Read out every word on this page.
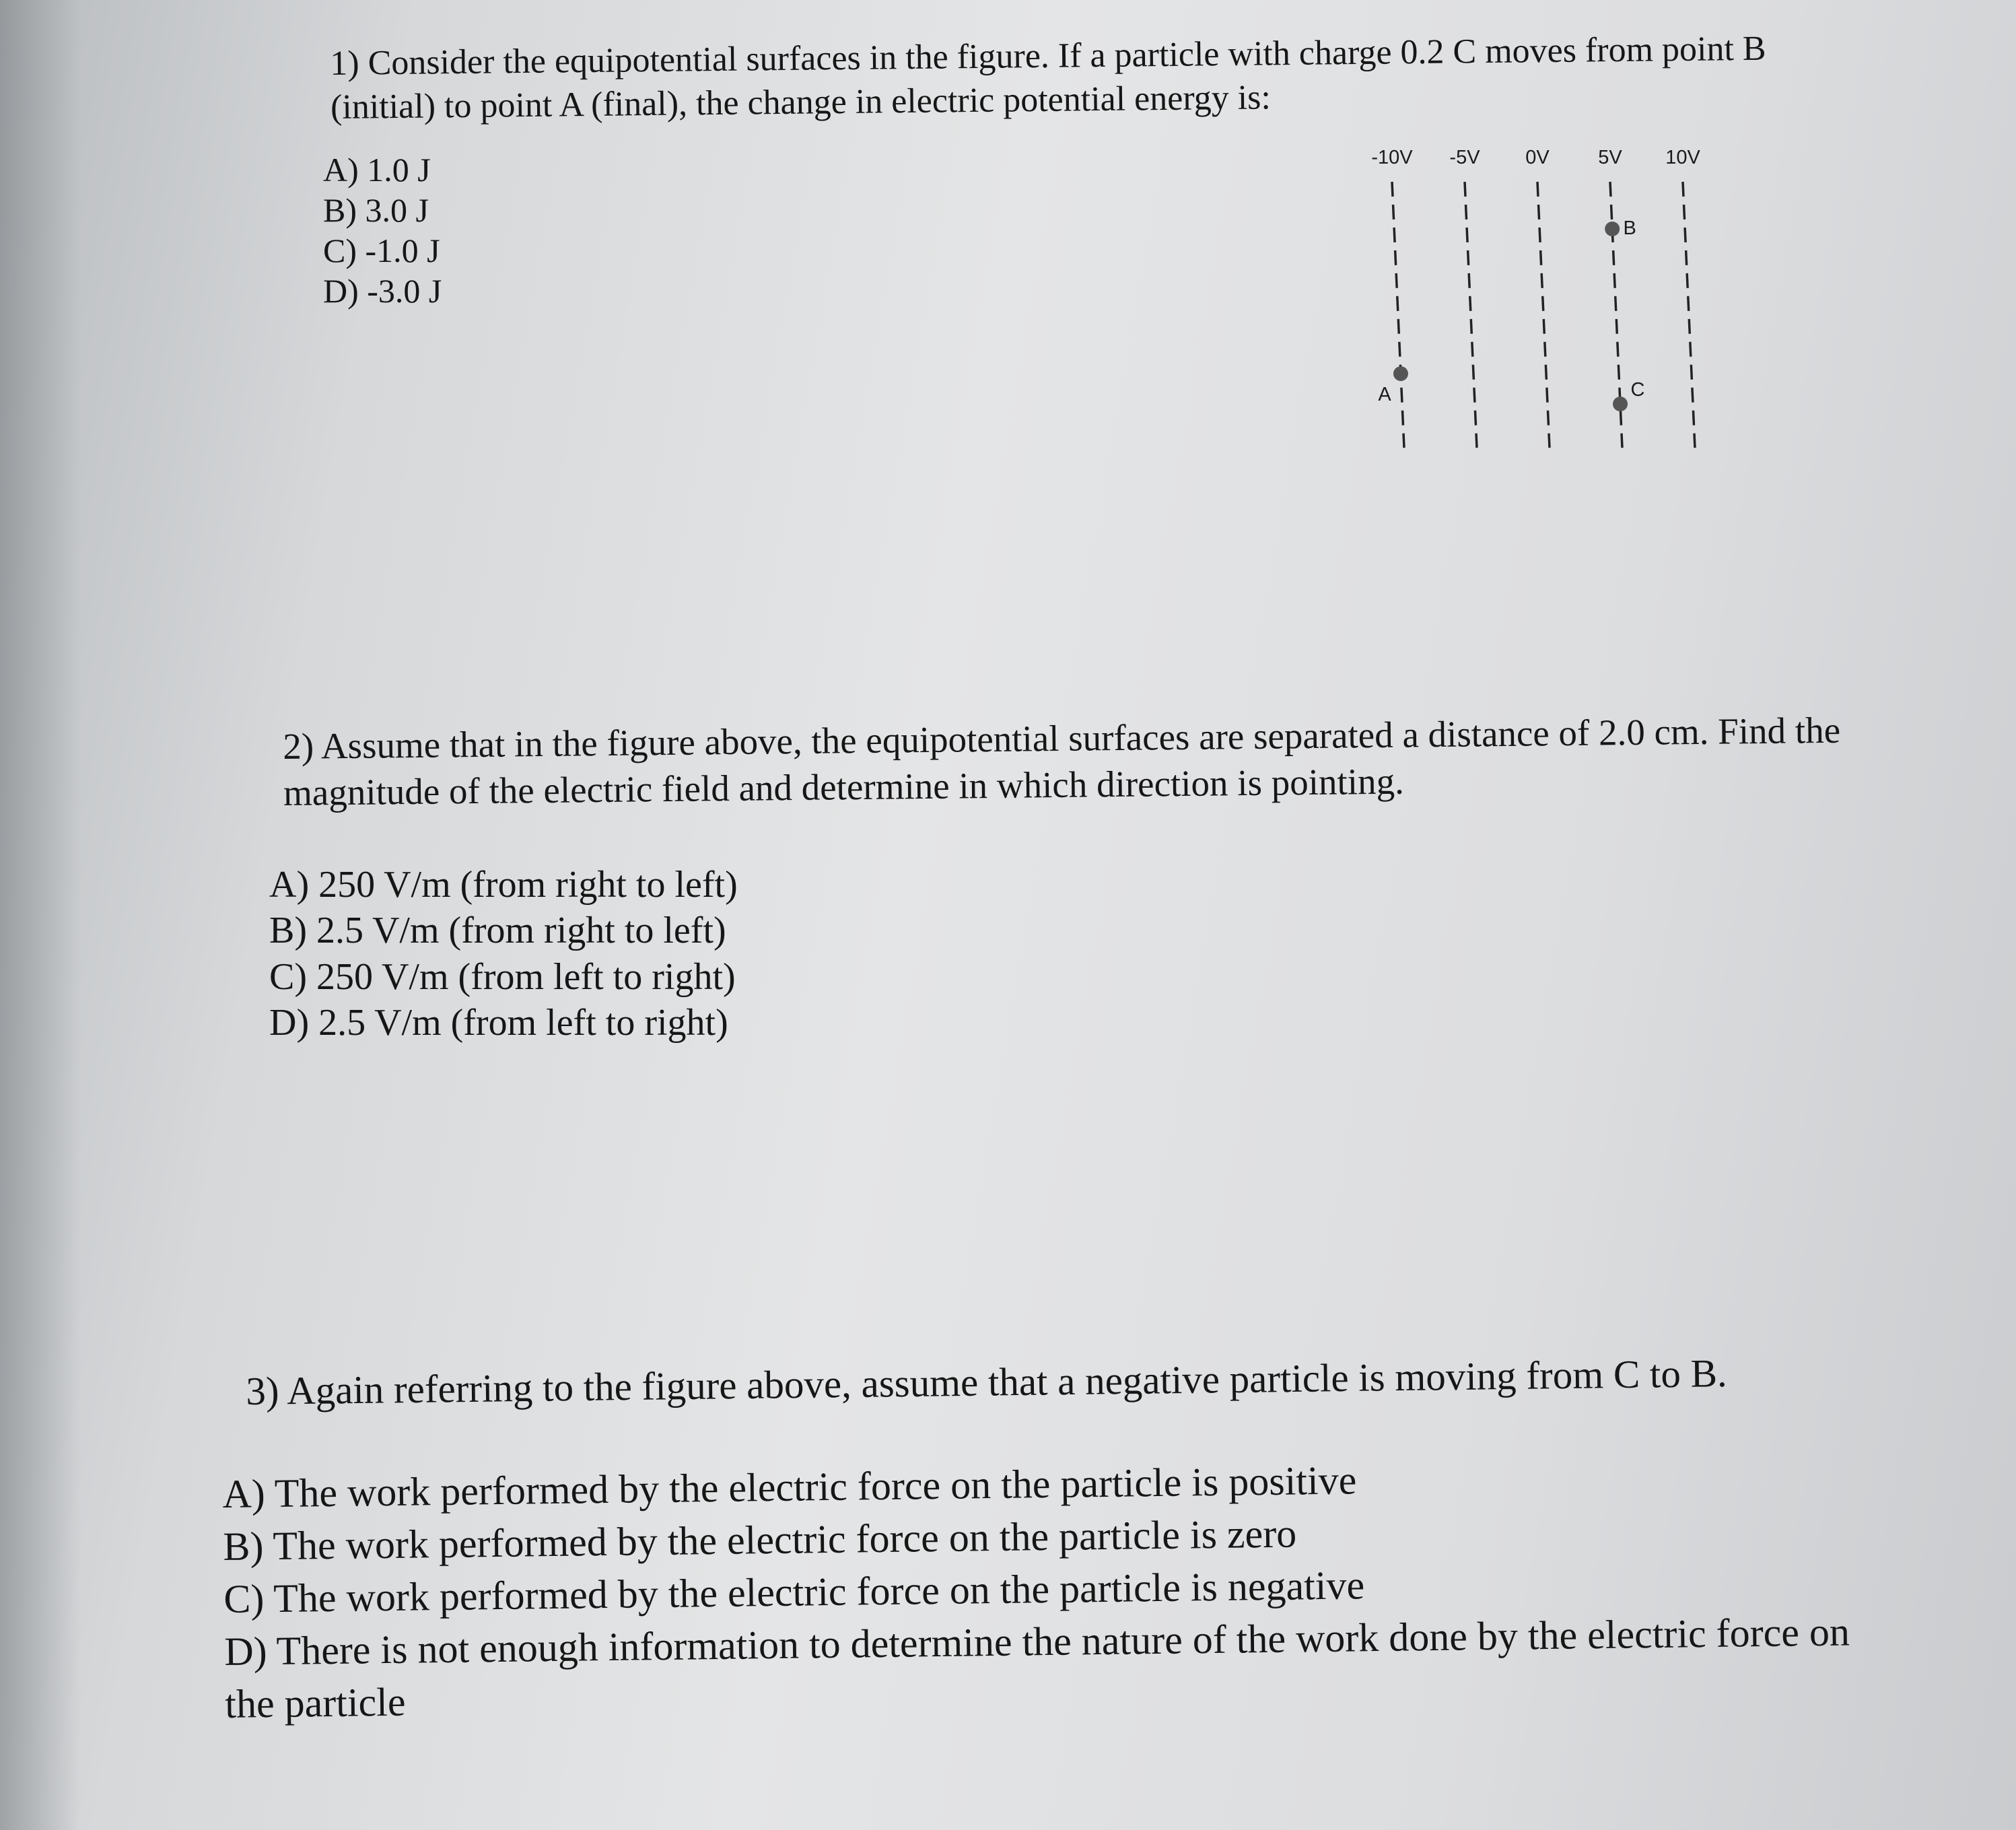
1) Consider the equipotential surfaces in the figure. If a particle with charge 0.2 C moves from point B (initial) to point A (final), the change in electric potential energy is:
A) 1.0 J
B) 3.0 J
C) -1.0 J
D) -3.0 J
-10V -5V 0V	5V 10V
A
B
C
2) Assume that in the figure above, the equipotential surfaces are separated a distance of 2.0 cm. Find the magnitude of the electric field and determine in which direction is pointing.
A) 250 V/m (from right to left)
B) 2.5 V/m (from right to left)
C) 250 V/m (from left to right)
D) 2.5 V/m (from left to right)
3) Again referring to the figure above, assume that a negative particle is moving from C to B.
A) The work performed by the electric force on the particle is positive
B) The work performed by the electric force on the particle is zero
C) The work performed by the electric force on the particle is negative
D) There is not enough information to determine the nature of the work done by the electric force on the particle
